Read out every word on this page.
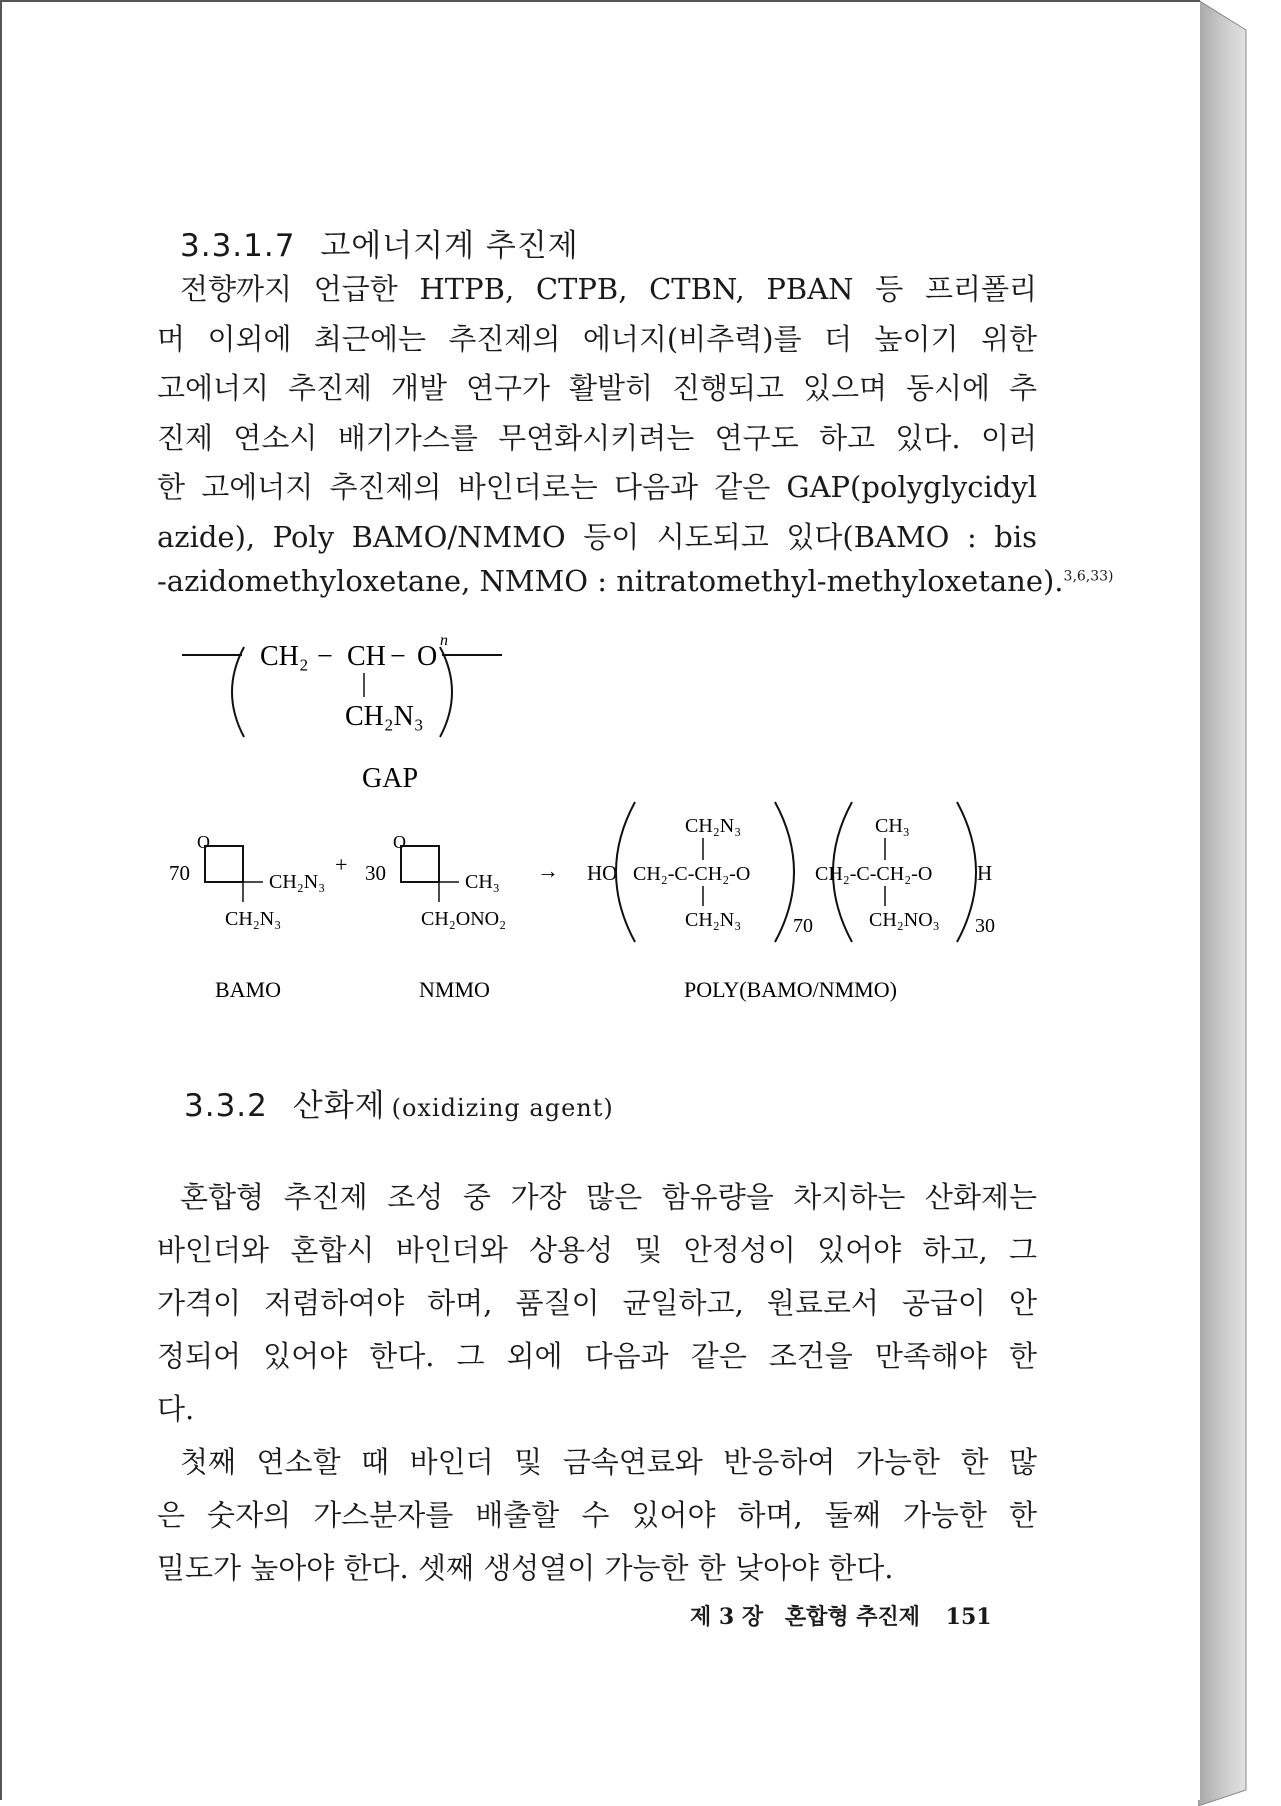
3.3.1.7 고에너지계 추진제
전향까지 언급한 HTPB, CTPB, CTBN, PBAN 등 프리폴리
머 이외에 최근에는 추진제의 에너지(비추력)를 더 높이기 위한
고에너지 추진제 개발 연구가 활발히 진행되고 있으며 동시에 추
진제 연소시 배기가스를 무연화시키려는 연구도 하고 있다. 이러
한 고에너지 추진제의 바인더로는 다음과 같은 GAP(polyglycidyl
azide), Poly BAMO/NMMO 등이 시도되고 있다(BAMO : bis
-azidomethyloxetane, NMMO : nitratomethyl-methyloxetane).$^{3,6,33)}$
CH₂ − CH − O
n
CH₂N₃
GAP
70
O
CH₂N₃
CH₂N₃
+ 30
O
CH₃
CH₂ONO₂
→ HO
CH₂N₃
CH₂-C-CH₂-O
CH₂N₃	70
CH₃
CH₂-C-CH₂-O
CH₂NO₃ 30
H
BAMO	NMMO	POLY(BAMO/NMMO)
3.3.2 산화제 (oxidizing agent)
혼합형 추진제 조성 중 가장 많은 함유량을 차지하는 산화제는
바인더와 혼합시 바인더와 상용성 및 안정성이 있어야 하고, 그
가격이 저렴하여야 하며, 품질이 균일하고, 원료로서 공급이 안
정되어 있어야 한다. 그 외에 다음과 같은 조건을 만족해야 한
다.
첫째 연소할 때 바인더 및 금속연료와 반응하여 가능한 한 많
은 숫자의 가스분자를 배출할 수 있어야 하며, 둘째 가능한 한
밀도가 높아야 한다. 셋째 생성열이 가능한 한 낮아야 한다.
제 3 장 혼합형 추진제 151
